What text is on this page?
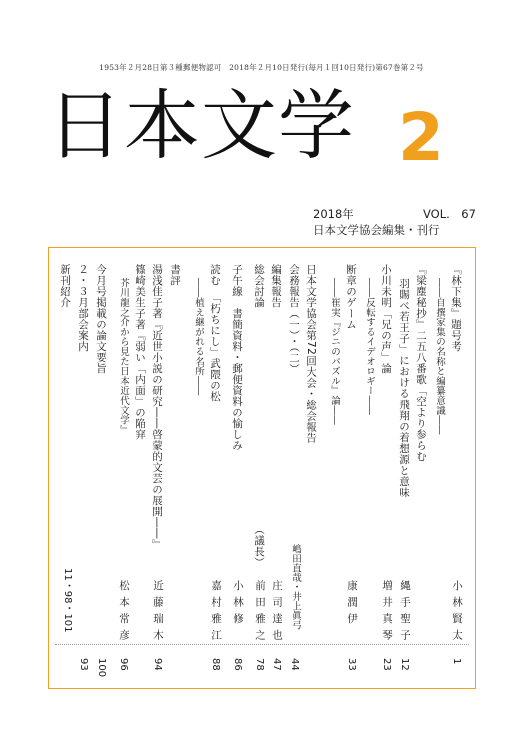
1953年２月28日第３種郵便物認可　2018年２月10日発行(毎月１回10日発行)第67巻第２号
日本文学 2
2018年	VOL.　67
日本文学協会編集・刊行
『林下集』題号考
――自撰家集の名称と編纂意識――
『梁塵秘抄』二五八番歌「空より参らむ
羽賜べ若王子」における飛翔の着想源と意味
小川未明「兄の声」論
――反転するイデオロギー――
断章のゲーム
――崔実『ジニのパズル』論――
日本文学協会第72回大会・総会報告
会務報告（一）・（二）
編集報告
総会討論
（議長）
子午線　書簡資料・郵便資料の愉しみ
読む　「朽ちにし」武隈の松
――植え継がれる名所――
書評
湯浅佳子著『近世小説の研究――啓蒙的文芸の展開――』
篠崎美生子著『弱い「内面」の陥穽
芥川龍之介から見た日本近代文学』
今月号掲載の論文要旨
２・３月部会案内
新刊紹介
小林賢太
縄手聖子
増井真琴
康潤伊
嶋田直哉・井上眞弓
庄司達也
前田雅之
小林修
嘉村雅江
近藤瑞木
松本常彦
1
12
23
33
44
47
78
86
88
94
96
100
93
11・98・101
